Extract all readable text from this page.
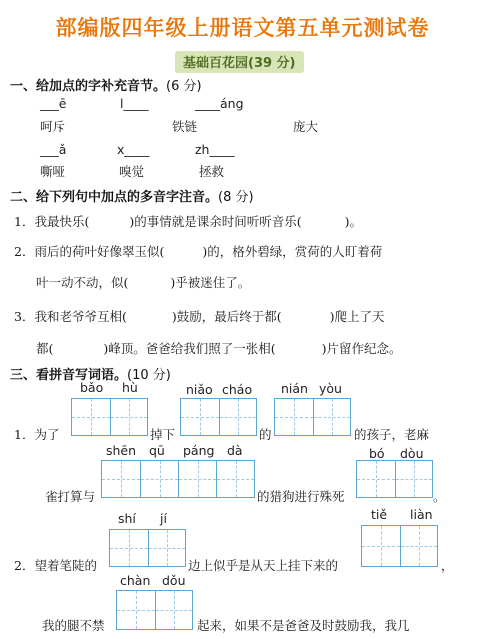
部编版四年级上册语文第五单元测试卷
基础百花园(39 分)
一、给加点的字补充音节。(6 分)
___ē	l____	____áng
呵斥	铁链	庞大
___ǎ	x____	zh____
嘶哑	嗅觉	拯救
二、给下列句中加点的多音字注音。(8 分)
1．我最快乐(	)的事情就是课余时间听听音乐(	)。
2．雨后的荷叶好像翠玉似(	)的，格外碧绿，赏荷的人盯着荷
叶一动不动，似(	)乎被迷住了。
3．我和老爷爷互相(	)鼓励，最后终于都(	)爬上了天
都(	)峰顶。爸爸给我们照了一张相(	)片留作纪念。
三、看拼音写词语。(10 分)
bǎo hù	niǎo cháo nián yòu
1．为了	掉下	的	的孩子，老麻
shēn qū páng dà	bó dòu
雀打算与	的猎狗进行殊死	。
shí jí	tiě liàn
2．望着笔陡的	边上似乎是从天上挂下来的	，
chàn dǒu
我的腿不禁	起来，如果不是爸爸及时鼓励我，我几
